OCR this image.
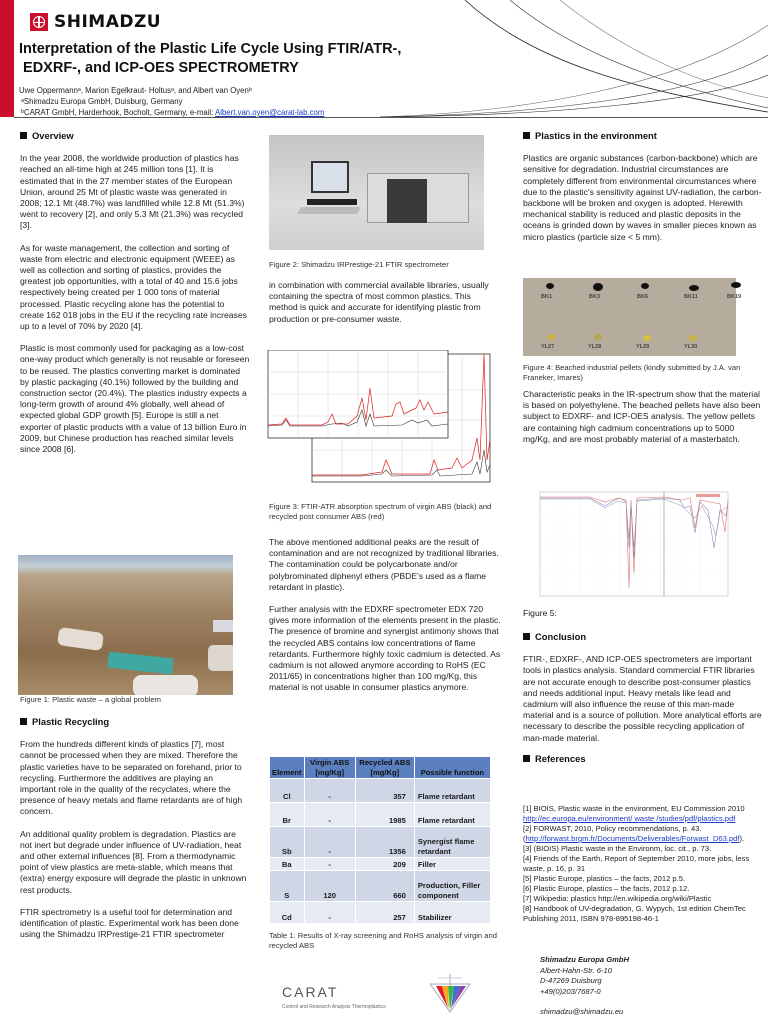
SHIMADZU
Interpretation of the Plastic Life Cycle Using FTIR/ATR-,
EDXRF-, and ICP-OES SPECTROMETRY
Uwe Oppermannᵃ, Marion Egelkraut- Holtusᵃ, and Albert van Oyenᵇ
ᵃShimadzu Europa GmbH, Duisburg, Germany
ᵇCARAT GmbH, Harderhook, Bocholt, Germany, e-mail: Albert.van.oyen@carat-lab.com
Overview

In the year 2008, the worldwide production of plastics has reached an all-time high at 245 million tons [1]. It is estimated that in the 27 member states of the European Union, around 25 Mt of plastic waste was generated in 2008; 12.1 Mt (48.7%) was landfilled while 12.8 Mt (51.3%) went to recovery [2], and only 5.3 Mt (21.3%) was recycled [3].

As for waste management, the collection and sorting of waste from electric and electronic equipment (WEEE) as well as collection and sorting of plastics, provides the greatest job opportunities, with a total of 40 and 15.6 jobs respectively being created per 1 000 tons of material processed. Plastic recycling alone has the potential to create 162 018 jobs in the EU if the recycling rate increases up to a level of 70% by 2020 [4].

Plastic is most commonly used for packaging as a low-cost one-way product which generally is not reusable or foreseen to be reused. The plastics converting market is dominated by plastic packaging (40.1%) followed by the building and construction sector (20.4%). The plastics industry expects a long-term growth of around 4% globally, well ahead of expected global GDP growth [5]. Europe is still a net exporter of plastic products with a value of 13 billion Euro in 2009, but Chinese production has reached similar levels since 2008 [6].

Figure 1: Plastic waste – a global problem
Plastic Recycling

From the hundreds different kinds of plastics [7], most cannot be processed when they are mixed. Therefore the plastic varieties have to be separated on forehand, prior to recycling. Furthermore the additives are playing an important role in the quality of the recyclates, where the presence of heavy metals and flame retardants are of high concern.

An additional quality problem is degradation. Plastics are not inert but degrade under influence of UV-radiation, heat and other external influences [8]. From a thermodynamic point of view plastics are meta-stable, which means that (extra) energy exposure will degrade the plastic in unknown rest products.

FTIR spectrometry is a useful tool for determination and identification of plastic. Experimental work has been done using the Shimadzu IRPrestige-21 FTIR spectrometer

Figure 2: Shimadzu IRPrestige-21 FTIR spectrometer

in combination with commercial available libraries, usually containing the spectra of most common plastics. This method is quick and accurate for identifying plastic from production or pre-consumer waste.

Figure 3: FTIR-ATR absorption spectrum of virgin ABS (black) and recycled post consumer ABS (red)

The above mentioned additional peaks are the result of contamination and are not recognized by traditional libraries. The contamination could be polycarbonate and/or polybrominated diphenyl ethers (PBDE's used as a flame retardant in plastic).

Further analysis with the EDXRF spectrometer EDX 720 gives more information of the elements present in the plastic. The presence of bromine and synergist antimony shows that the recycled ABS contains low concentrations of flame retardants. Furthermore highly toxic cadmium is detected. As cadmium is not allowed anymore according to RoHS (EC 2011/65) in concentrations higher than 100 mg/Kg, this material is not usable in consumer plastics anymore.

Element	Virgin ABS [mg/Kg]	Recycled ABS [mg/Kg]	Possible function
Cl	-	357	Flame retardant
Br	-	1985	Flame retardant
Sb	-	1356	Synergist flame retardant
Ba	-	209	Filler
S	120	660	Production, Filler component
Cd	-	257	Stabilizer
Table 1: Results of X-ray screening and RoHS analysis of virgin and recycled ABS
CARAT
Control and Research Analysis Thermoplastics
Plastics in the environment

Plastics are organic substances (carbon-backbone) which are sensitive for degradation. Industrial circumstances are completely different from environmental circumstances where due to the plastic's sensitivity against UV-radiation, the carbon-backbone will be broken and oxygen is adopted. Herewith mechanical stability is reduced and plastic deposits in the oceans is grinded down by waves in smaller pieces known as micro plastics (particle size < 5 mm).

BK1	BK3	BK6	BK11	BK19
YL27	YL28	YL29	YL30
Figure 4: Beached industrial pellets (kindly submitted by J.A. van Franeker, Imares)

Characteristic peaks in the IR-spectrum show that the material is based on polyethylene. The beached pellets have also been subject to EDXRF- and ICP-OES analysis. The yellow pellets are containing high cadmium concentrations up to 5000 mg/Kg, and are most probably material of a masterbatch.

Figure 5:
Conclusion

FTIR-, EDXRF-, AND ICP-OES spectrometers are important tools in plastics analysis. Standard commercial FTIR libraries are not accurate enough to describe post-consumer plastics and needs additional input. Heavy metals like lead and cadmium will also influence the reuse of this man-made material and is a source of pollution. More analytical efforts are necessary to describe the possible recycling application of man-made material.

References
[1] BIOIS, Plastic waste in the environment, EU Commission 2010 http://ec.europa.eu/environment/ waste /studies/pdf/plastics.pdf
[2] FORWAST, 2010, Policy recommendations, p. 43. (http://forwast.brgm.fr/Documents/Deliverables/Forwast_D63.pdf).
[3] (BIOIS) Plastic waste in the Environm, loc. cit., p. 73.
[4] Friends of the Earth, Report of September 2010, more jobs, less waste, p. 16, p. 31
[5] Plastic Europe, plastics – the facts, 2012 p.5.
[6] Plastic Europe, plastics – the facts, 2012 p.12.
[7] Wikipedia: plastics http://en.wikipedia.org/wiki/Plastic
[8] Handbook of UV-degradation, G. Wypych, 1st edition ChemTec Publishing 2011, ISBN 978-895198-46-1
Shimadzu Europa GmbH
Albert-Hahn-Str. 6-10
D-47269 Duisburg
+49(0)203/7687-0
shimadzu@shimadzu.eu
